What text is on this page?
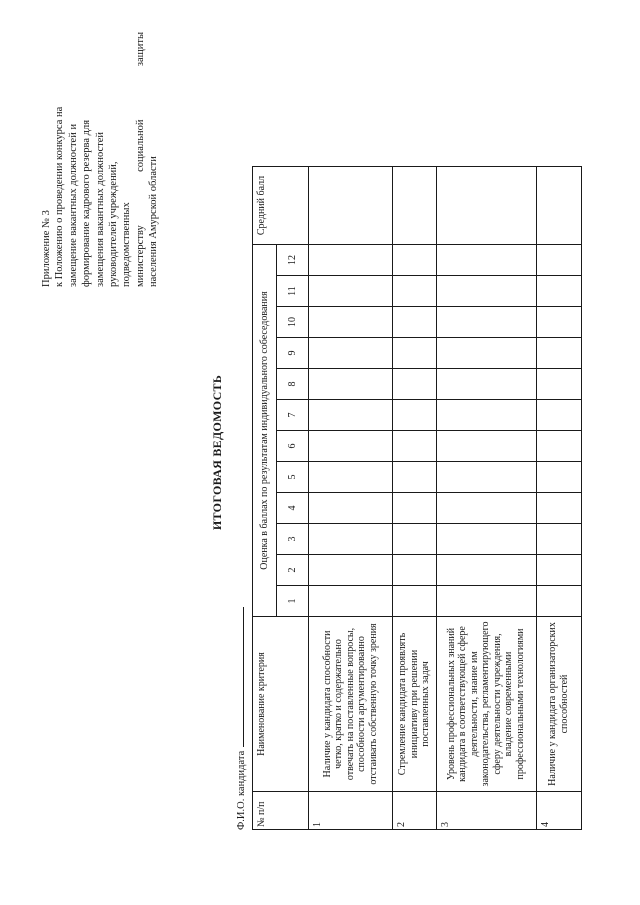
Приложение № 3 к Положению о проведении конкурса на замещение вакантных должностей и формирование кадрового резерва для замещения вакантных должностей руководителей учреждений, подведомственных министерству
социальной
защиты
населения Амурской области
ИТОГОВАЯ ВЕДОМОСТЬ
Ф.И.О. кандидата № п/п	Наименование критерия	Оценка в баллах по результатам индивидуального собеседования												Средний балл
		1	2	3	4	5	6	7	8	9	10	11	12	
1	Наличие у кандидата способности четко, кратко и содержательно отвечать на поставленные вопросы, способности аргументированно отстаивать собственную точку зрения													
2	Стремление кандидата проявлять инициативу при решении поставленных задач													
3	Уровень профессиональных знаний кандидата в соответствующей сфере деятельности, знание им законодательства, регламентирующего сферу деятельности учреждения, владение современными профессиональными технологиями													
4	Наличие у кандидата организаторских способностей													
